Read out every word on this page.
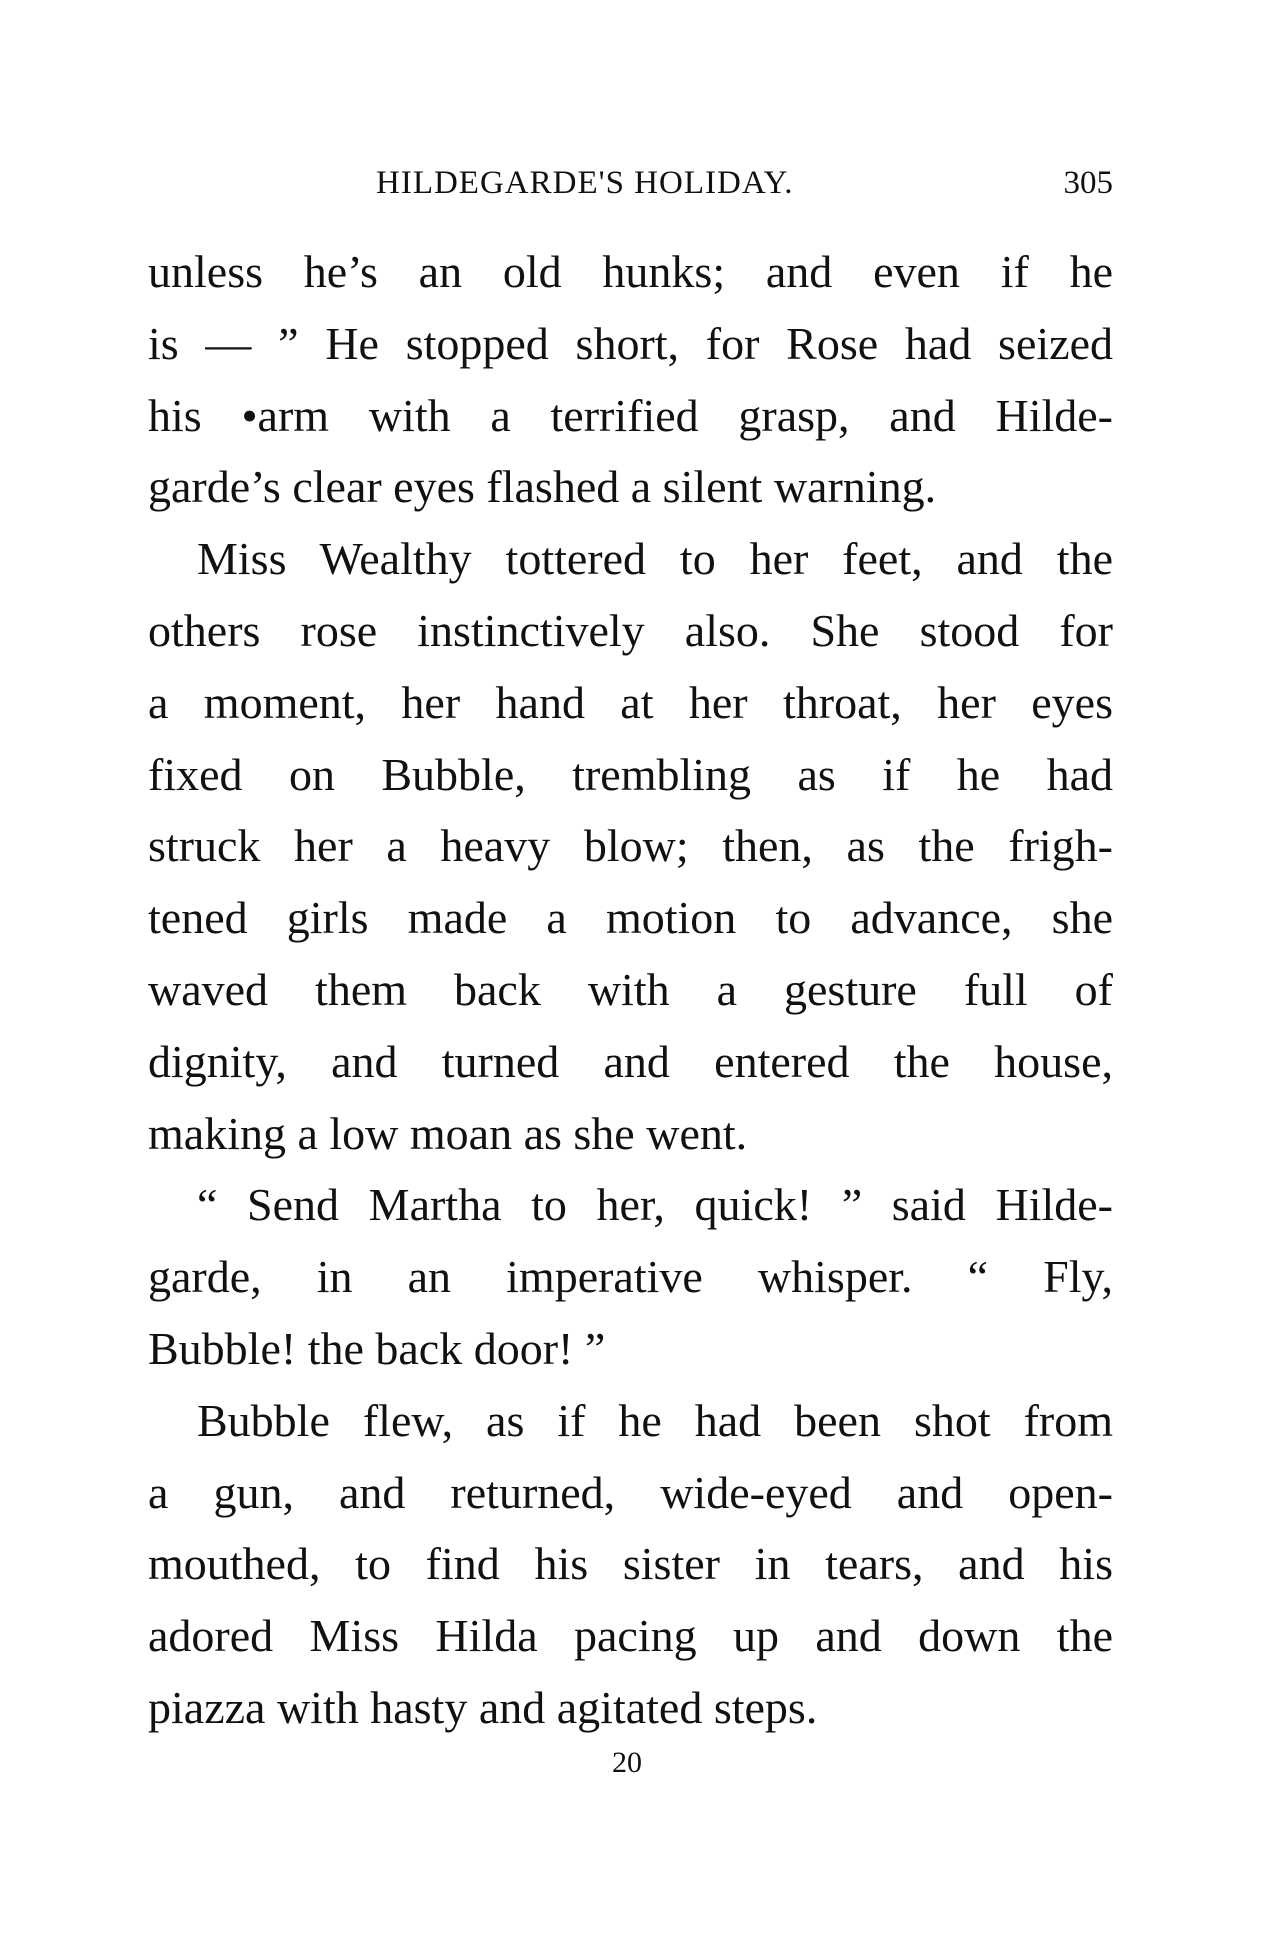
HILDEGARDE'S HOLIDAY.	305
unless he’s an old hunks; and even if he
is — ” He stopped short, for Rose had seized
his •arm with a terrified grasp, and Hilde-
garde’s clear eyes flashed a silent warning.
Miss Wealthy tottered to her feet, and the
others rose instinctively also. She stood for
a moment, her hand at her throat, her eyes
fixed on Bubble, trembling as if he had
struck her a heavy blow; then, as the frigh-
tened girls made a motion to advance, she
waved them back with a gesture full of
dignity, and turned and entered the house,
making a low moan as she went.
“ Send Martha to her, quick! ” said Hilde-
garde, in an imperative whisper. “ Fly,
Bubble! the back door! ”
Bubble flew, as if he had been shot from
a gun, and returned, wide-eyed and open-
mouthed, to find his sister in tears, and his
adored Miss Hilda pacing up and down the
piazza with hasty and agitated steps.
20
